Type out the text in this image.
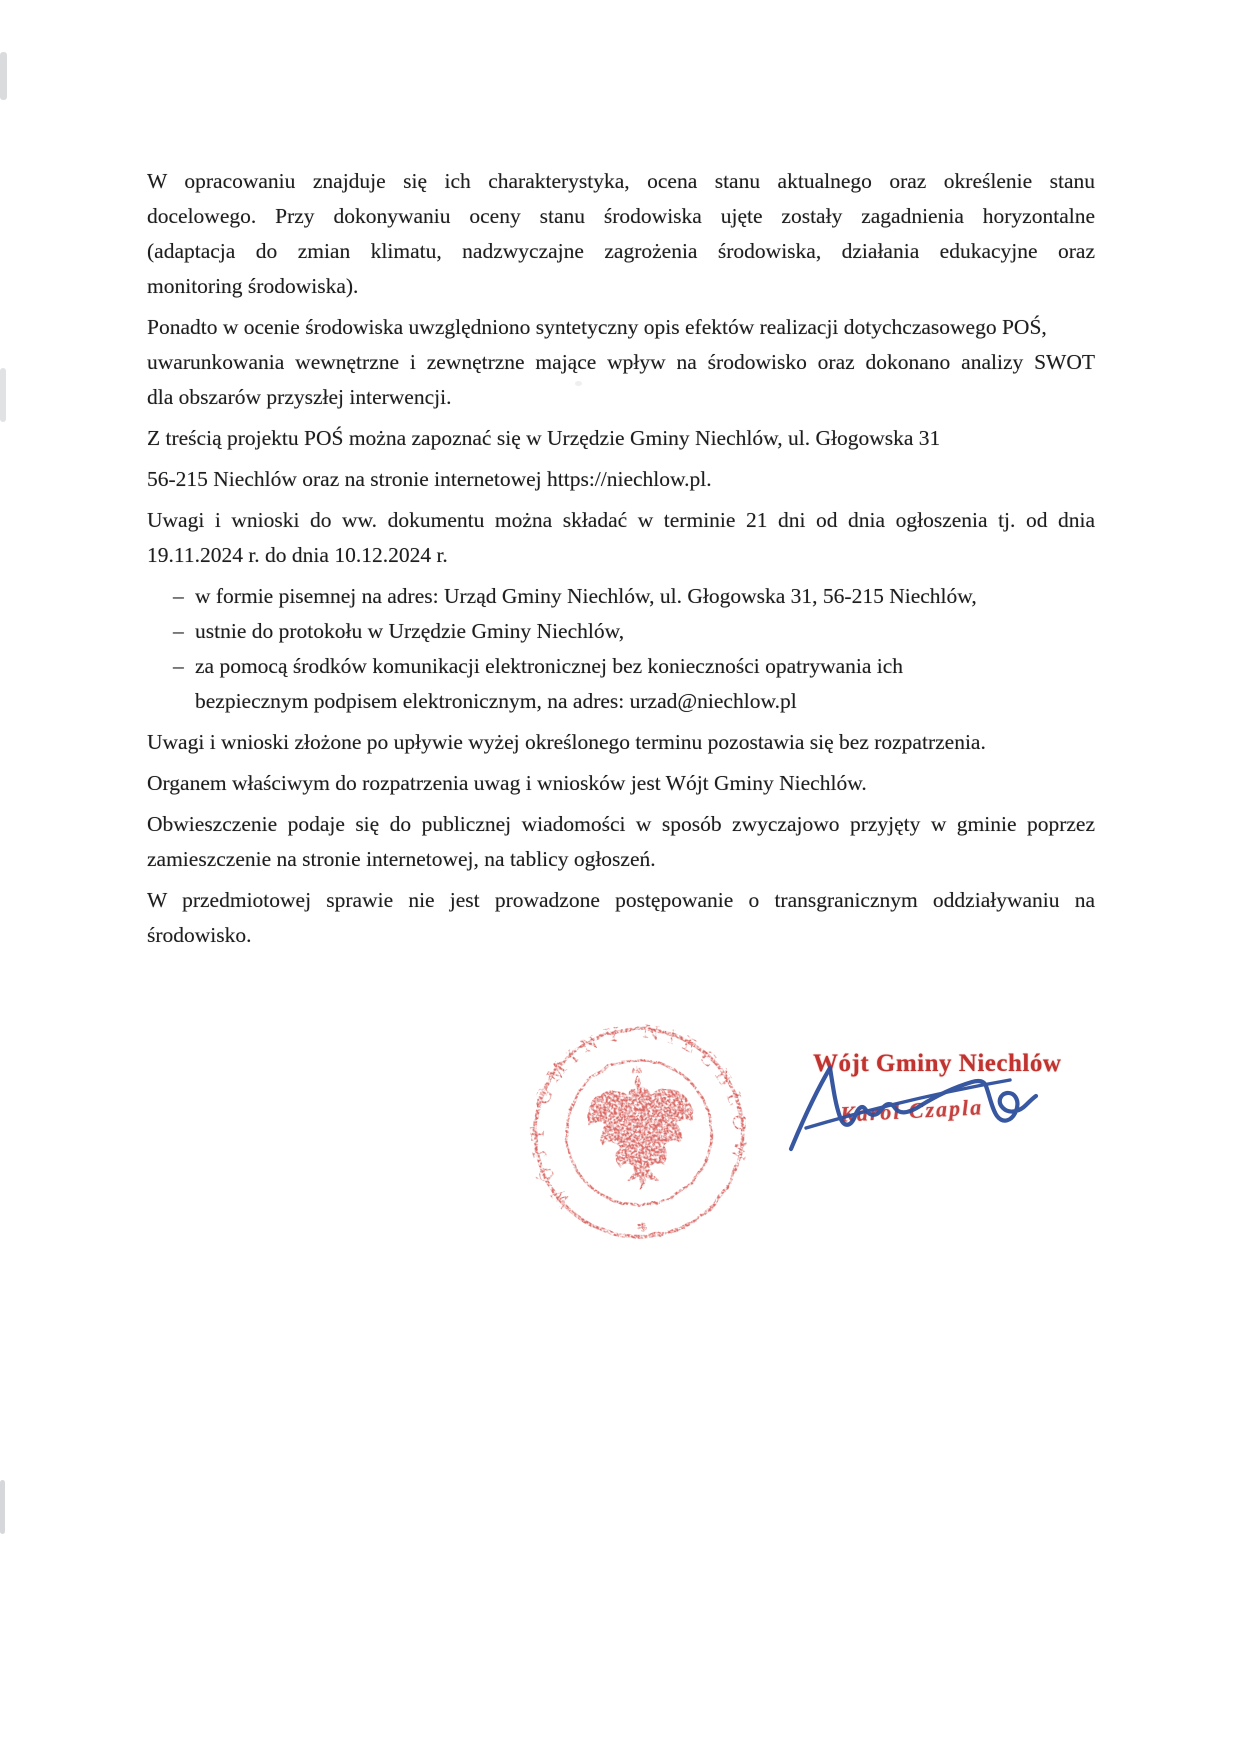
W opracowaniu znajduje się ich charakterystyka, ocena stanu aktualnego oraz określenie stanu
docelowego. Przy dokonywaniu oceny stanu środowiska ujęte zostały zagadnienia horyzontalne
(adaptacja do zmian klimatu, nadzwyczajne zagrożenia środowiska, działania edukacyjne oraz
monitoring środowiska).
Ponadto w ocenie środowiska uwzględniono syntetyczny opis efektów realizacji dotychczasowego POŚ,
uwarunkowania wewnętrzne i zewnętrzne mające wpływ na środowisko oraz dokonano analizy SWOT
dla obszarów przyszłej interwencji.
Z treścią projektu POŚ można zapoznać się w Urzędzie Gminy Niechlów, ul. Głogowska 31
56-215 Niechlów oraz na stronie internetowej https://niechlow.pl.
Uwagi i wnioski do ww. dokumentu można składać w terminie 21 dni od dnia ogłoszenia tj. od dnia
19.11.2024 r. do dnia 10.12.2024 r.
– w formie pisemnej na adres: Urząd Gminy Niechlów, ul. Głogowska 31, 56-215 Niechlów,
– ustnie do protokołu w Urzędzie Gminy Niechlów,
– za pomocą środków komunikacji elektronicznej bez konieczności opatrywania ich
bezpiecznym podpisem elektronicznym, na adres: urzad@niechlow.pl
Uwagi i wnioski złożone po upływie wyżej określonego terminu pozostawia się bez rozpatrzenia.
Organem właściwym do rozpatrzenia uwag i wniosków jest Wójt Gminy Niechlów.
Obwieszczenie podaje się do publicznej wiadomości w sposób zwyczajowo przyjęty w gminie poprzez
zamieszczenie na stronie internetowej, na tablicy ogłoszeń.
W przedmiotowej sprawie nie jest prowadzone postępowanie o transgranicznym oddziaływaniu na
środowisko.
WÓJT GMINY NIECHLÓW
✽
Wójt Gminy Niechlów
Karol Czapla
